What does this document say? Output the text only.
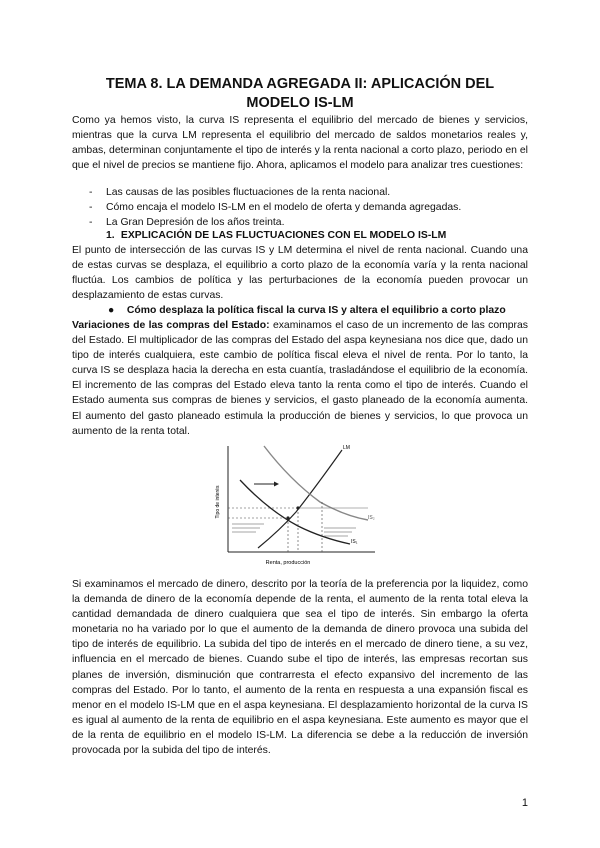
TEMA 8. LA DEMANDA AGREGADA II: APLICACIÓN DEL
MODELO IS-LM

Como ya hemos visto, la curva IS representa el equilibrio del mercado de bienes y servicios, mientras que la curva LM representa el equilibrio del mercado de saldos monetarios reales y, ambas, determinan conjuntamente el tipo de interés y la renta nacional a corto plazo, periodo en el que el nivel de precios se mantiene fijo. Ahora, aplicamos el modelo para analizar tres cuestiones:

- Las causas de las posibles fluctuaciones de la renta nacional.
- Cómo encaja el modelo IS-LM en el modelo de oferta y demanda agregadas.
- La Gran Depresión de los años treinta.
1. EXPLICACIÓN DE LAS FLUCTUACIONES CON EL MODELO IS-LM

El punto de intersección de las curvas IS y LM determina el nivel de renta nacional. Cuando una de estas curvas se desplaza, el equilibrio a corto plazo de la economía varía y la renta nacional fluctúa. Los cambios de política y las perturbaciones de la economía pueden provocar un desplazamiento de estas curvas.

● Cómo desplaza la política fiscal la curva IS y altera el equilibrio a corto plazo

Variaciones de las compras del Estado: examinamos el caso de un incremento de las compras del Estado. El multiplicador de las compras del Estado del aspa keynesiana nos dice que, dado un tipo de interés cualquiera, este cambio de política fiscal eleva el nivel de renta. Por lo tanto, la curva IS se desplaza hacia la derecha en esta cuantía, trasladándose el equilibrio de la economía. El incremento de las compras del Estado eleva tanto la renta como el tipo de interés. Cuando el Estado aumenta sus compras de bienes y servicios, el gasto planeado de la economía aumenta. El aumento del gasto planeado estimula la producción de bienes y servicios, lo que provoca un aumento de la renta total.

Tipo de interés
Renta, producción
LM
IS₂
IS₁

Si examinamos el mercado de dinero, descrito por la teoría de la preferencia por la liquidez, como la demanda de dinero de la economía depende de la renta, el aumento de la renta total eleva la cantidad demandada de dinero cualquiera que sea el tipo de interés. Sin embargo la oferta monetaria no ha variado por lo que el aumento de la demanda de dinero provoca una subida del tipo de interés de equilibrio. La subida del tipo de interés en el mercado de dinero tiene, a su vez, influencia en el mercado de bienes. Cuando sube el tipo de interés, las empresas recortan sus planes de inversión, disminución que contrarresta el efecto expansivo del incremento de las compras del Estado. Por lo tanto, el aumento de la renta en respuesta a una expansión fiscal es menor en el modelo IS-LM que en el aspa keynesiana. El desplazamiento horizontal de la curva IS es igual al aumento de la renta de equilibrio en el aspa keynesiana. Este aumento es mayor que el de la renta de equilibrio en el modelo IS-LM. La diferencia se debe a la reducción de inversión provocada por la subida del tipo de interés.

1
